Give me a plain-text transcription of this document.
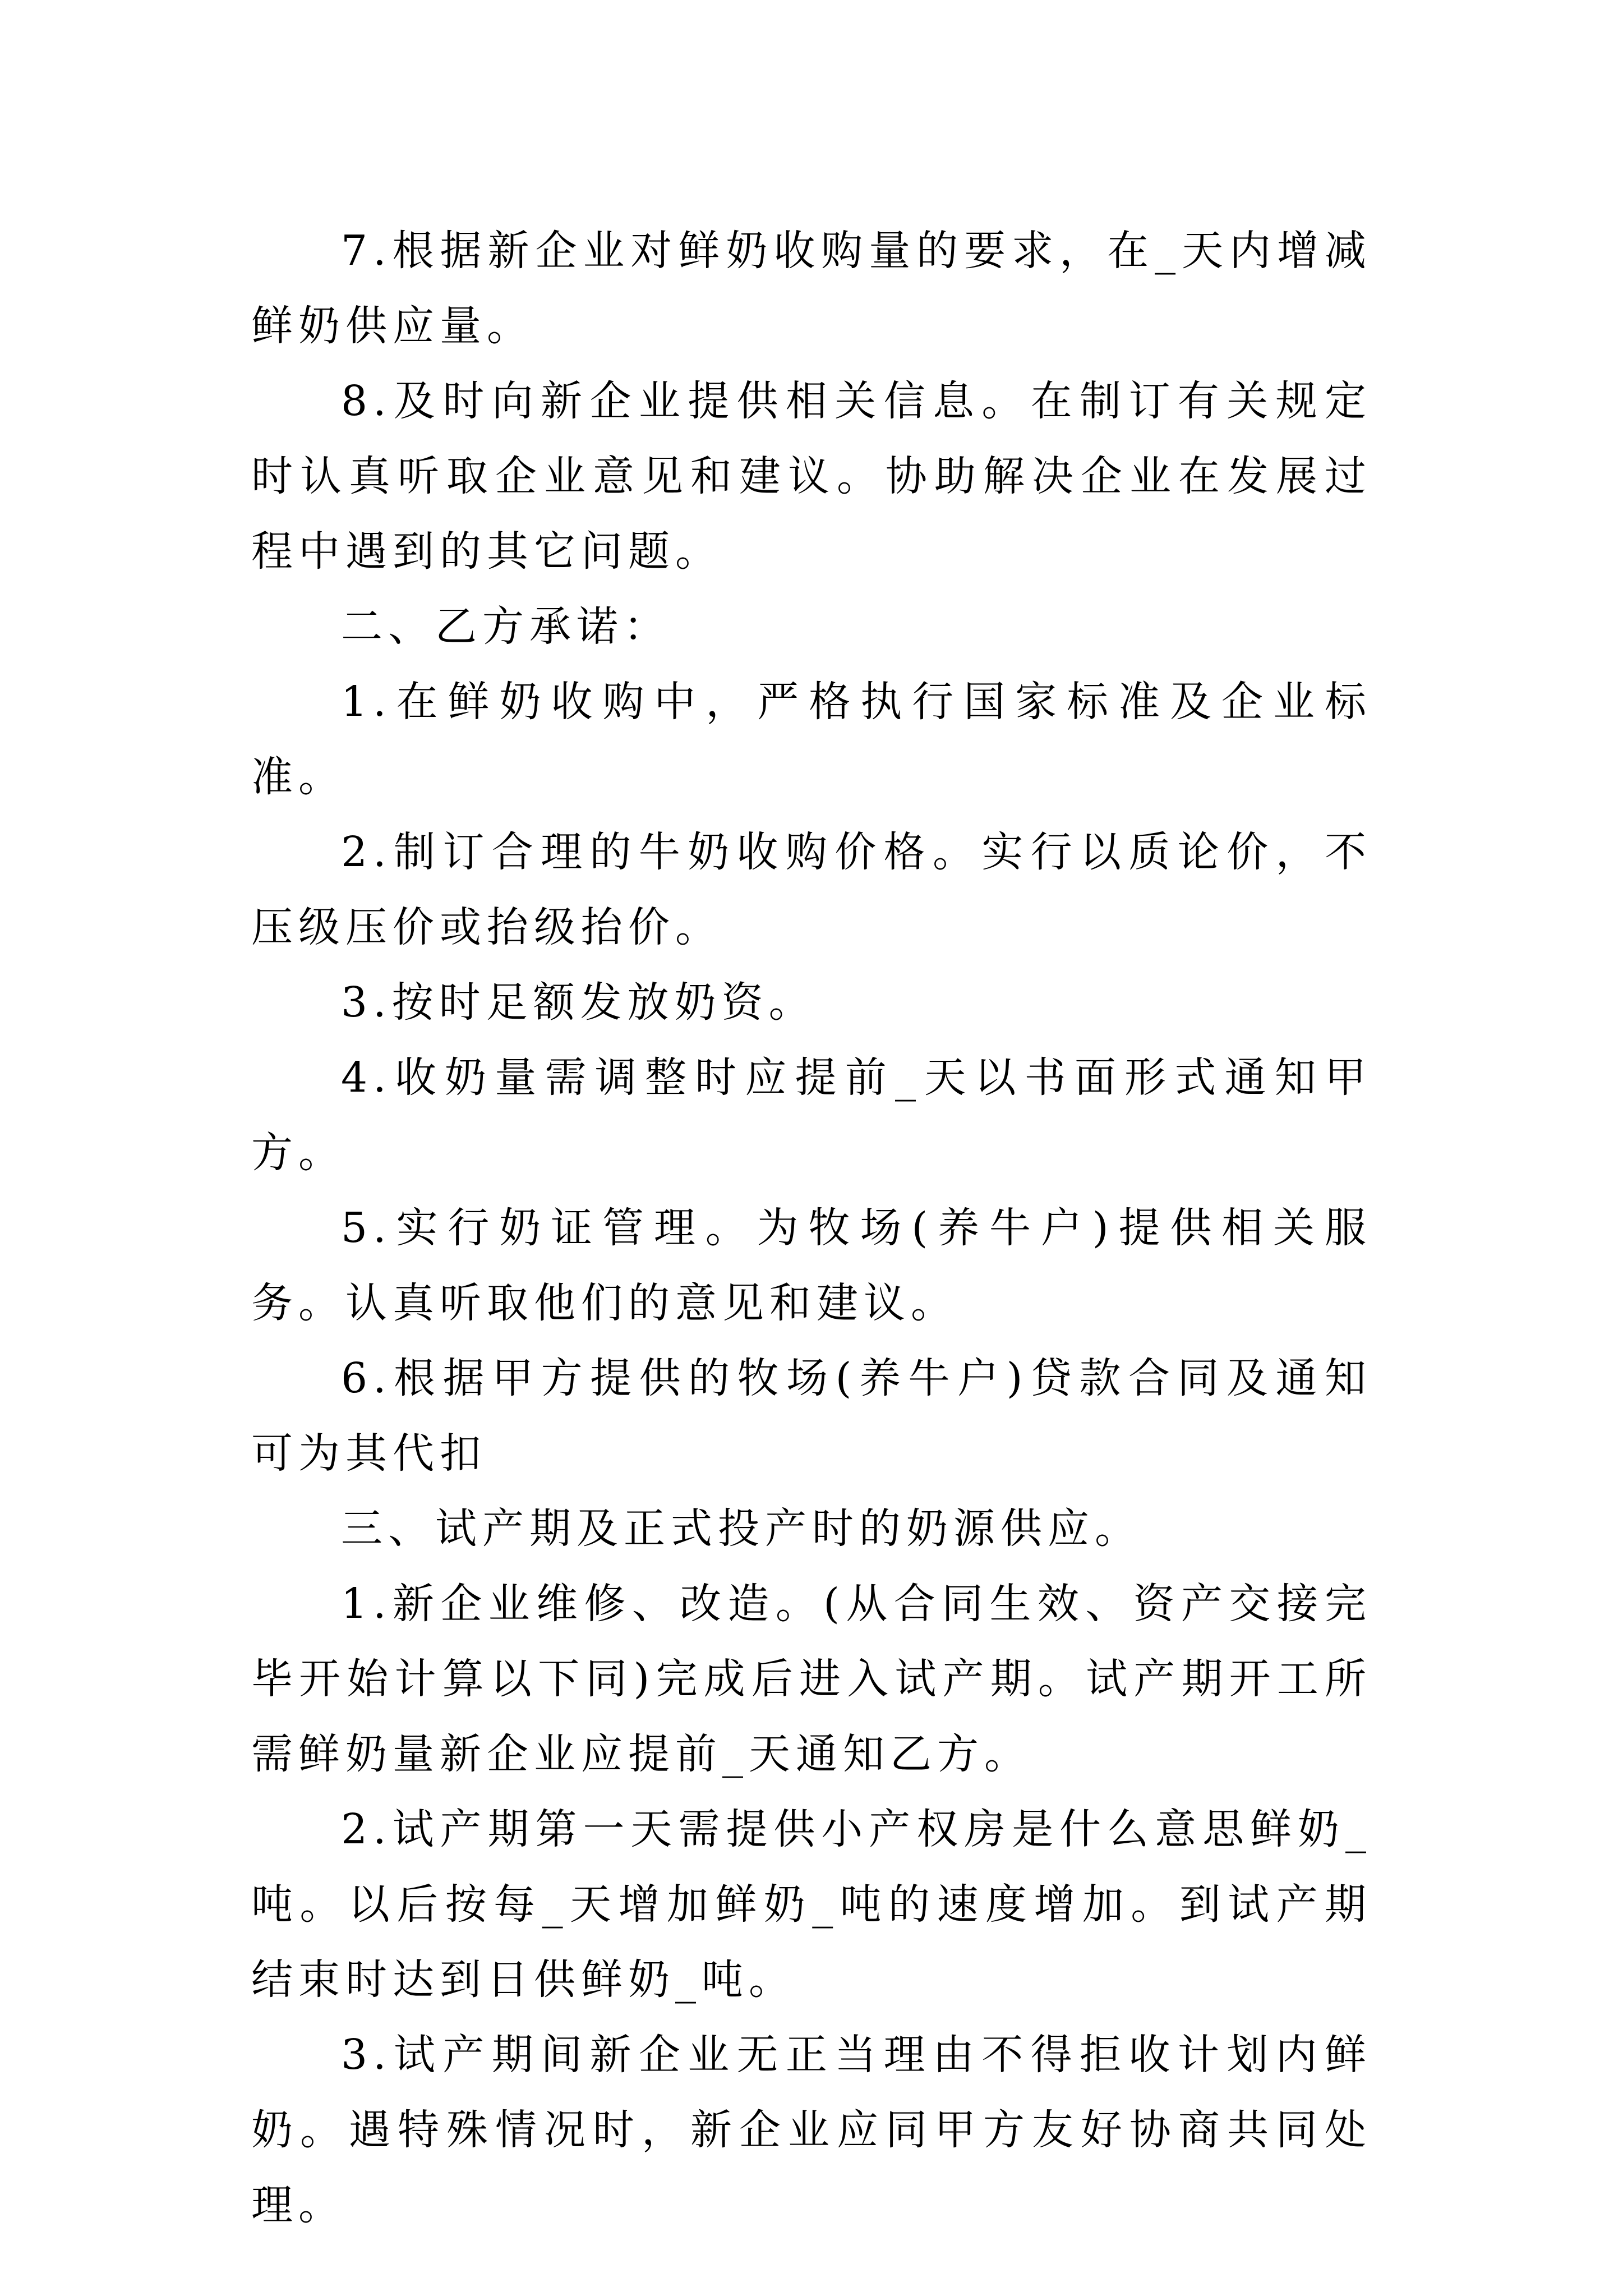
7.根据新企业对鲜奶收购量的要求，在_天内增减鲜奶供应量。

8.及时向新企业提供相关信息。在制订有关规定时认真听取企业意见和建议。协助解决企业在发展过程中遇到的其它问题。

二、乙方承诺：

1.在鲜奶收购中，严格执行国家标准及企业标准。

2.制订合理的牛奶收购价格。实行以质论价，不压级压价或抬级抬价。

3.按时足额发放奶资。

4.收奶量需调整时应提前_天以书面形式通知甲方。

5.实行奶证管理。为牧场(养牛户)提供相关服务。认真听取他们的意见和建议。

6.根据甲方提供的牧场(养牛户)贷款合同及通知可为其代扣

三、试产期及正式投产时的奶源供应。

1.新企业维修、改造。(从合同生效、资产交接完毕开始计算以下同)完成后进入试产期。试产期开工所需鲜奶量新企业应提前_天通知乙方。

2.试产期第一天需提供小产权房是什么意思鲜奶_吨。以后按每_天增加鲜奶_吨的速度增加。到试产期结束时达到日供鲜奶_吨。

3.试产期间新企业无正当理由不得拒收计划内鲜奶。遇特殊情况时，新企业应同甲方友好协商共同处理。
